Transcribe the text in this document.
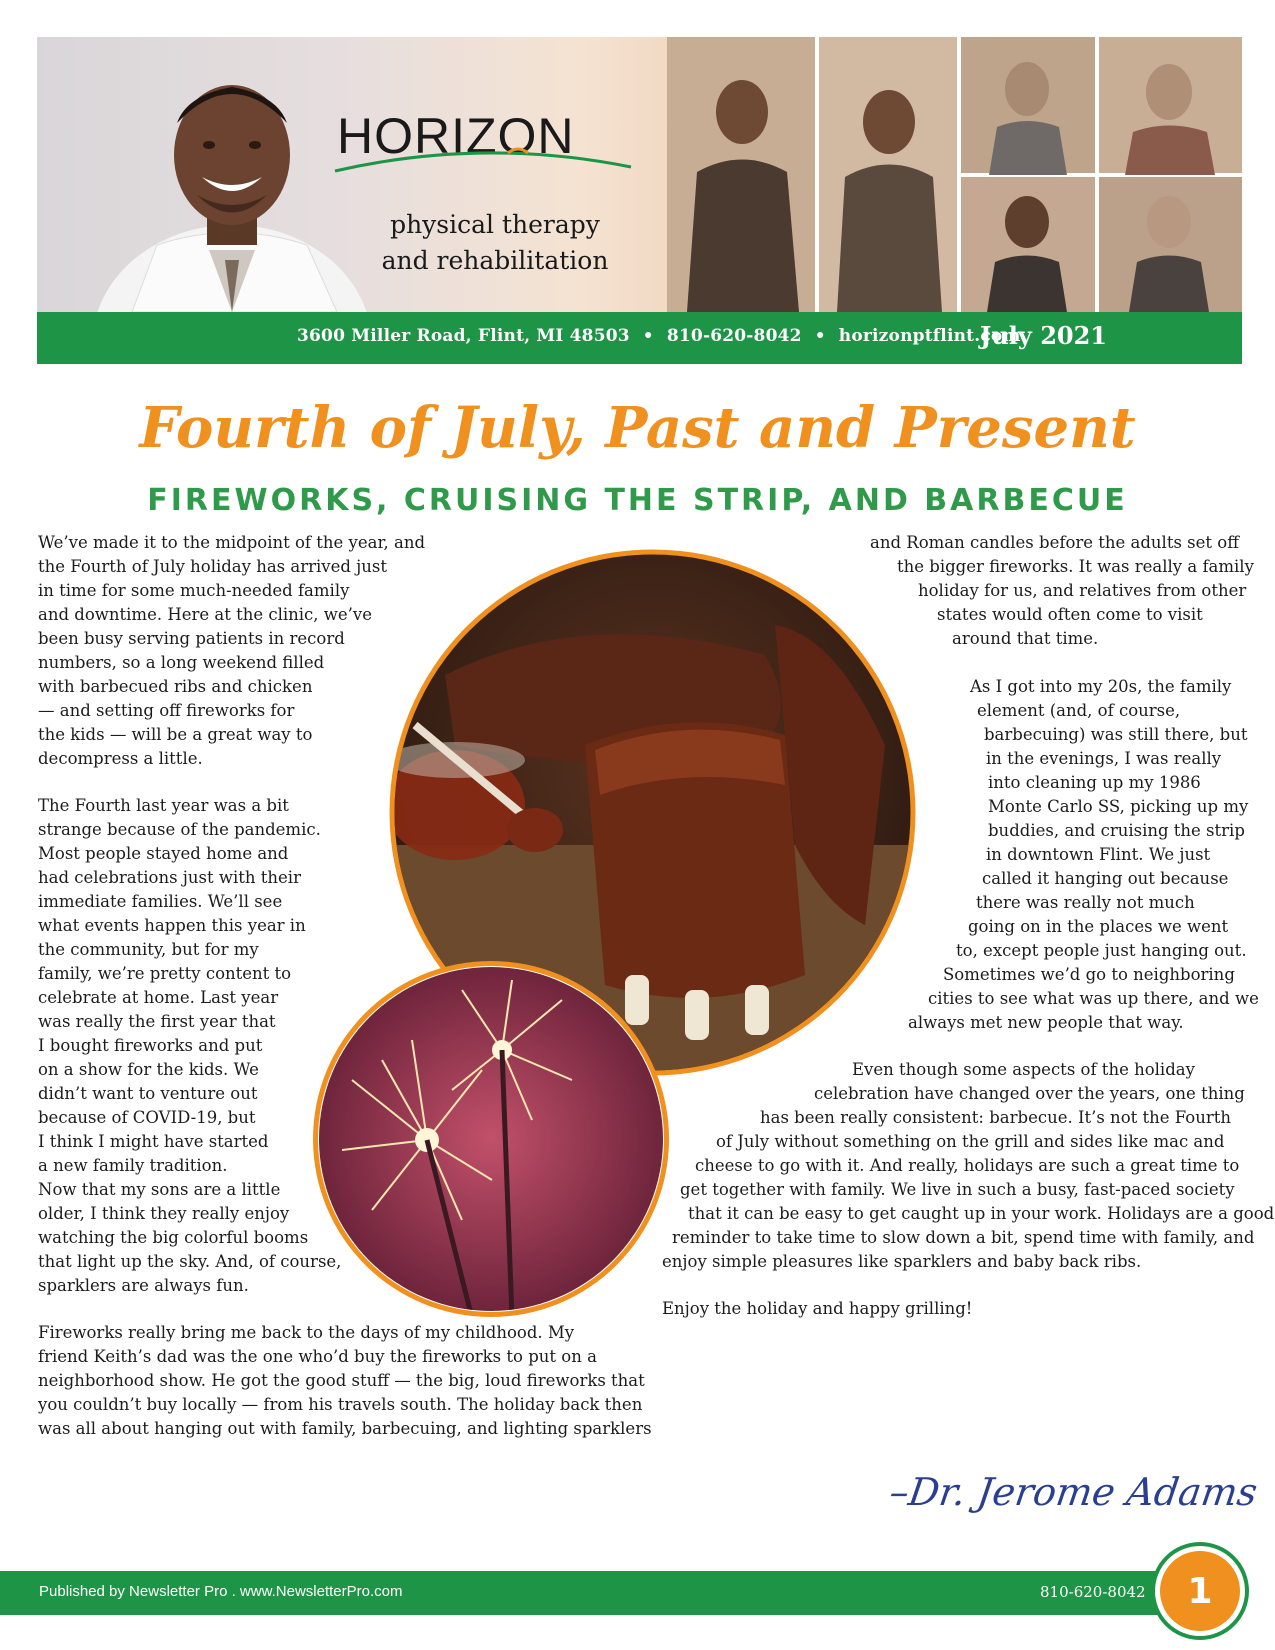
HORIZON
physical therapy
and rehabilitation
3600 Miller Road, Flint, MI 48503 • 810-620-8042 • horizonptflint.com
July 2021
Fourth of July, Past and Present
FIREWORKS, CRUISING THE STRIP, AND BARBECUE
We’ve made it to the midpoint of the year, and
the Fourth of July holiday has arrived just
in time for some much-needed family
and downtime. Here at the clinic, we’ve
been busy serving patients in record
numbers, so a long weekend filled
with barbecued ribs and chicken
— and setting off fireworks for
the kids — will be a great way to
decompress a little.
The Fourth last year was a bit
strange because of the pandemic.
Most people stayed home and
had celebrations just with their
immediate families. We’ll see
what events happen this year in
the community, but for my
family, we’re pretty content to
celebrate at home. Last year
was really the first year that
I bought fireworks and put
on a show for the kids. We
didn’t want to venture out
because of COVID-19, but
I think I might have started
a new family tradition.
Now that my sons are a little
older, I think they really enjoy
watching the big colorful booms
that light up the sky. And, of course,
sparklers are always fun.
Fireworks really bring me back to the days of my childhood. My
friend Keith’s dad was the one who’d buy the fireworks to put on a
neighborhood show. He got the good stuff — the big, loud fireworks that
you couldn’t buy locally — from his travels south. The holiday back then
was all about hanging out with family, barbecuing, and lighting sparklers
and Roman candles before the adults set off
the bigger fireworks. It was really a family
holiday for us, and relatives from other
states would often come to visit
around that time.
As I got into my 20s, the family
element (and, of course,
barbecuing) was still there, but
in the evenings, I was really
into cleaning up my 1986
Monte Carlo SS, picking up my
buddies, and cruising the strip
in downtown Flint. We just
called it hanging out because
there was really not much
going on in the places we went
to, except people just hanging out.
Sometimes we’d go to neighboring
cities to see what was up there, and we
always met new people that way.
Even though some aspects of the holiday
celebration have changed over the years, one thing
has been really consistent: barbecue. It’s not the Fourth
of July without something on the grill and sides like mac and
cheese to go with it. And really, holidays are such a great time to
get together with family. We live in such a busy, fast-paced society
that it can be easy to get caught up in your work. Holidays are a good
reminder to take time to slow down a bit, spend time with family, and
enjoy simple pleasures like sparklers and baby back ribs.
Enjoy the holiday and happy grilling!
–Dr. Jerome Adams
Published by Newsletter Pro . www.NewsletterPro.com	810-620-8042	1
